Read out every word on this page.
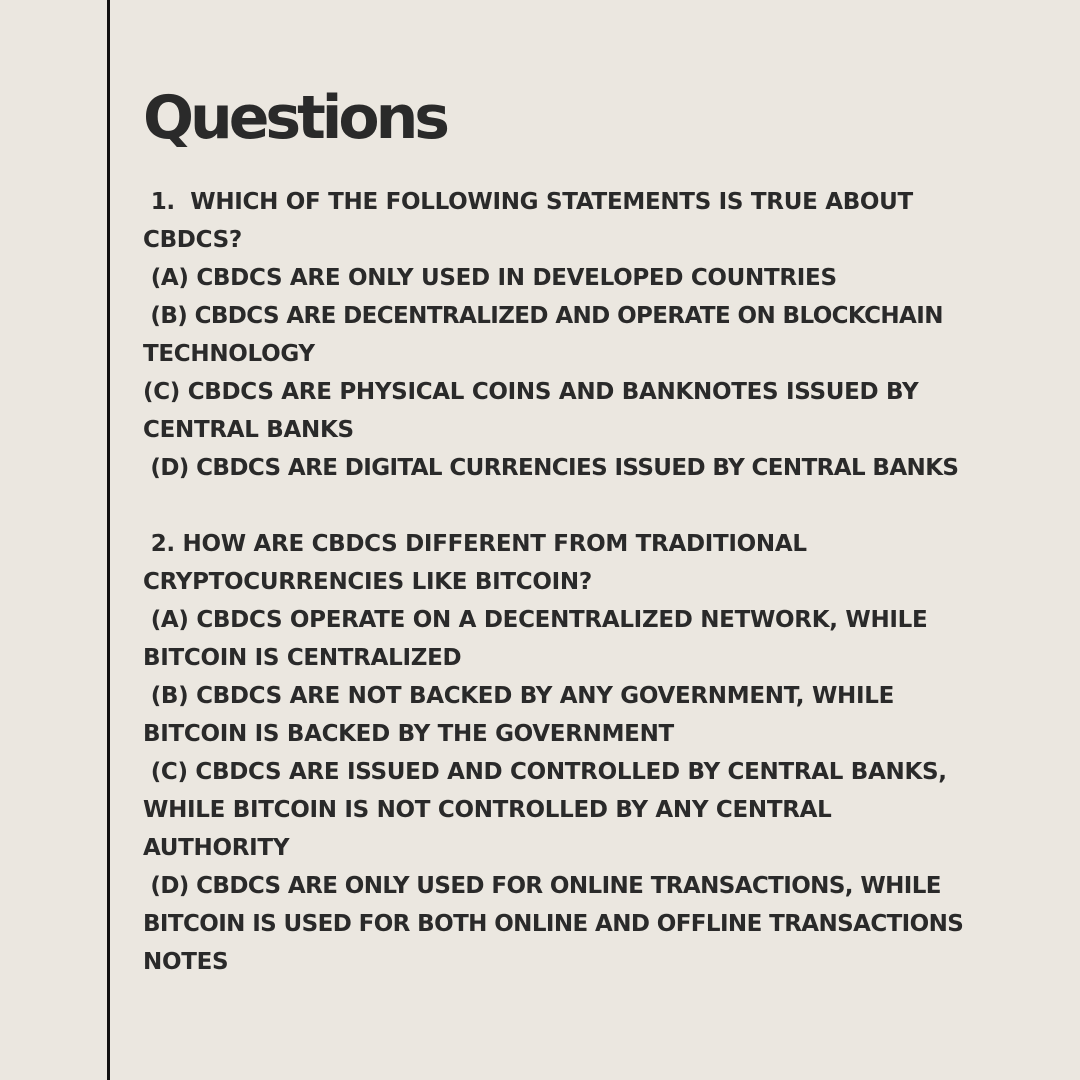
Questions
1.  WHICH OF THE FOLLOWING STATEMENTS IS TRUE ABOUT
CBDCS?
(A) CBDCS ARE ONLY USED IN DEVELOPED COUNTRIES
(B) CBDCS ARE DECENTRALIZED AND OPERATE ON BLOCKCHAIN
TECHNOLOGY
(C) CBDCS ARE PHYSICAL COINS AND BANKNOTES ISSUED BY
CENTRAL BANKS
(D) CBDCS ARE DIGITAL CURRENCIES ISSUED BY CENTRAL BANKS
2. HOW ARE CBDCS DIFFERENT FROM TRADITIONAL
CRYPTOCURRENCIES LIKE BITCOIN?
(A) CBDCS OPERATE ON A DECENTRALIZED NETWORK, WHILE
BITCOIN IS CENTRALIZED
(B) CBDCS ARE NOT BACKED BY ANY GOVERNMENT, WHILE
BITCOIN IS BACKED BY THE GOVERNMENT
(C) CBDCS ARE ISSUED AND CONTROLLED BY CENTRAL BANKS,
WHILE BITCOIN IS NOT CONTROLLED BY ANY CENTRAL
AUTHORITY
(D) CBDCS ARE ONLY USED FOR ONLINE TRANSACTIONS, WHILE
BITCOIN IS USED FOR BOTH ONLINE AND OFFLINE TRANSACTIONS
NOTES
